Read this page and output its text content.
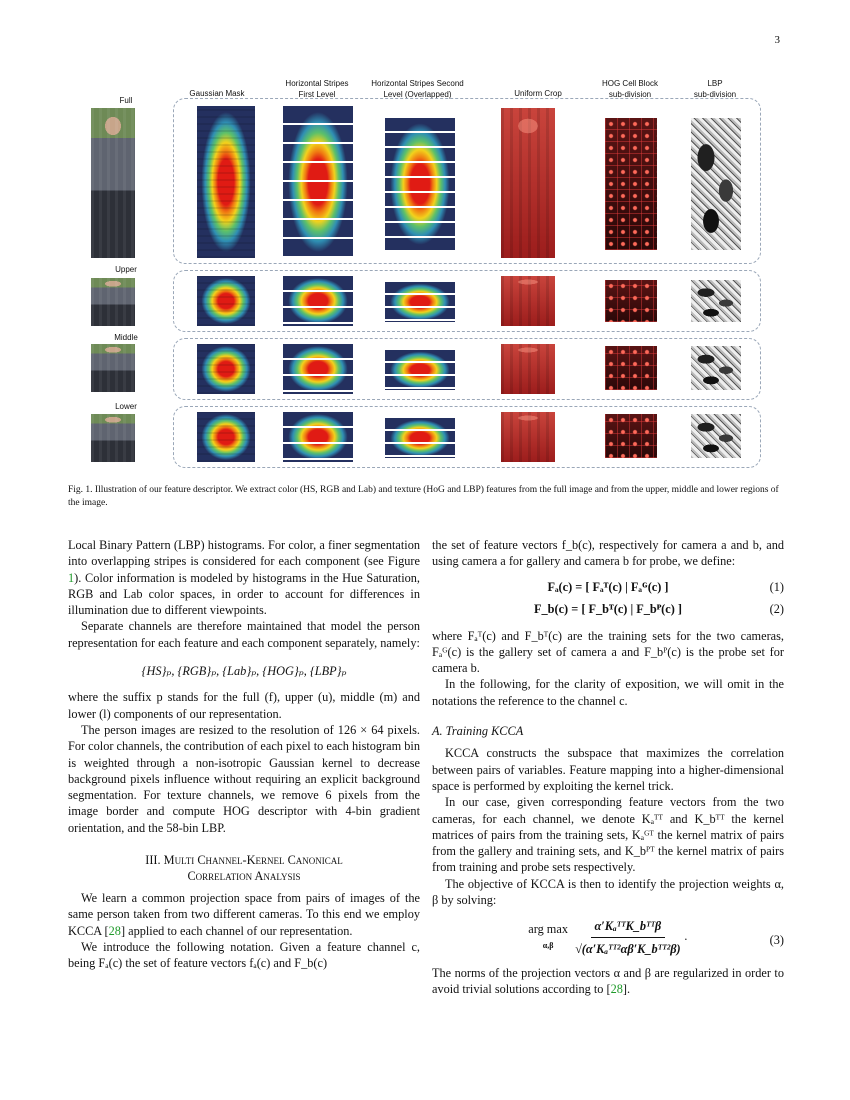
3
Gaussian Mask
Horizontal Stripes
First Level
Horizontal Stripes Second
Level (Overlapped)	Uniform Crop
HOG Cell Block
sub-division
LBP
sub-division
Full
Upper
Middle
Lower
Fig. 1. Illustration of our feature descriptor. We extract color (HS, RGB and Lab) and texture (HoG and LBP) features from the full image and from the upper, middle and lower regions of the image.

Local Binary Pattern (LBP) histograms. For color, a finer segmentation into overlapping stripes is considered for each component (see Figure 1). Color information is modeled by histograms in the Hue Saturation, RGB and Lab color spaces, in order to account for differences in illumination due to different viewpoints.

Separate channels are therefore maintained that model the person representation for each feature and each component separately, namely:

{HS}ₚ, {RGB}ₚ, {Lab}ₚ, {HOG}ₚ, {LBP}ₚ

where the suffix p stands for the full (f), upper (u), middle (m) and lower (l) components of our representation.

The person images are resized to the resolution of 126 × 64 pixels. For color channels, the contribution of each pixel to each histogram bin is weighted through a non-isotropic Gaussian kernel to decrease background pixels influence without requiring an explicit background segmentation. For texture channels, we remove 6 pixels from the image border and compute HOG descriptor with 4-bin gradient orientation, and the 58-bin LBP.

III. Multi Channel-Kernel Canonical
Correlation Analysis

We learn a common projection space from pairs of images of the same person taken from two different cameras. To this end we employ KCCA [28] applied to each channel of our representation.

We introduce the following notation. Given a feature channel c, being Fₐ(c) the set of feature vectors fₐ(c) and F_b(c)

the set of feature vectors f_b(c), respectively for camera a and b, and using camera a for gallery and camera b for probe, we define:

Fₐ(c) =
[ Fₐᵀ(c) | Fₐᴳ(c) ]	(1)
F_b(c) =
[ F_bᵀ(c) | F_bᴾ(c) ]	(2)

where Fₐᵀ(c) and F_bᵀ(c) are the training sets for the two cameras, Fₐᴳ(c) is the gallery set of camera a and F_bᴾ(c) is the probe set for camera b.

In the following, for the clarity of exposition, we will omit in the notations the reference to the channel c.

A. Training KCCA

KCCA constructs the subspace that maximizes the correlation between pairs of variables. Feature mapping into a higher-dimensional space is performed by exploiting the kernel trick.

In our case, given corresponding feature vectors from the two cameras, for each channel, we denote Kₐᵀᵀ and K_bᵀᵀ the kernel matrices of pairs from the training sets, Kₐᴳᵀ the kernel matrix of pairs from the gallery and training sets, and K_bᴾᵀ the kernel matrix of pairs from training and probe sets respectively.

The objective of KCCA is then to identify the projection weights α, β by solving:

arg max
α,β
$\frac{\text{α′KₐᵀᵀK\_bᵀᵀβ}}{\text{√(α′Kₐᵀᵀ²αβ′K\_bᵀᵀ²β)}}$ .	(3)

The norms of the projection vectors α and β are regularized in order to avoid trivial solutions according to [28].
